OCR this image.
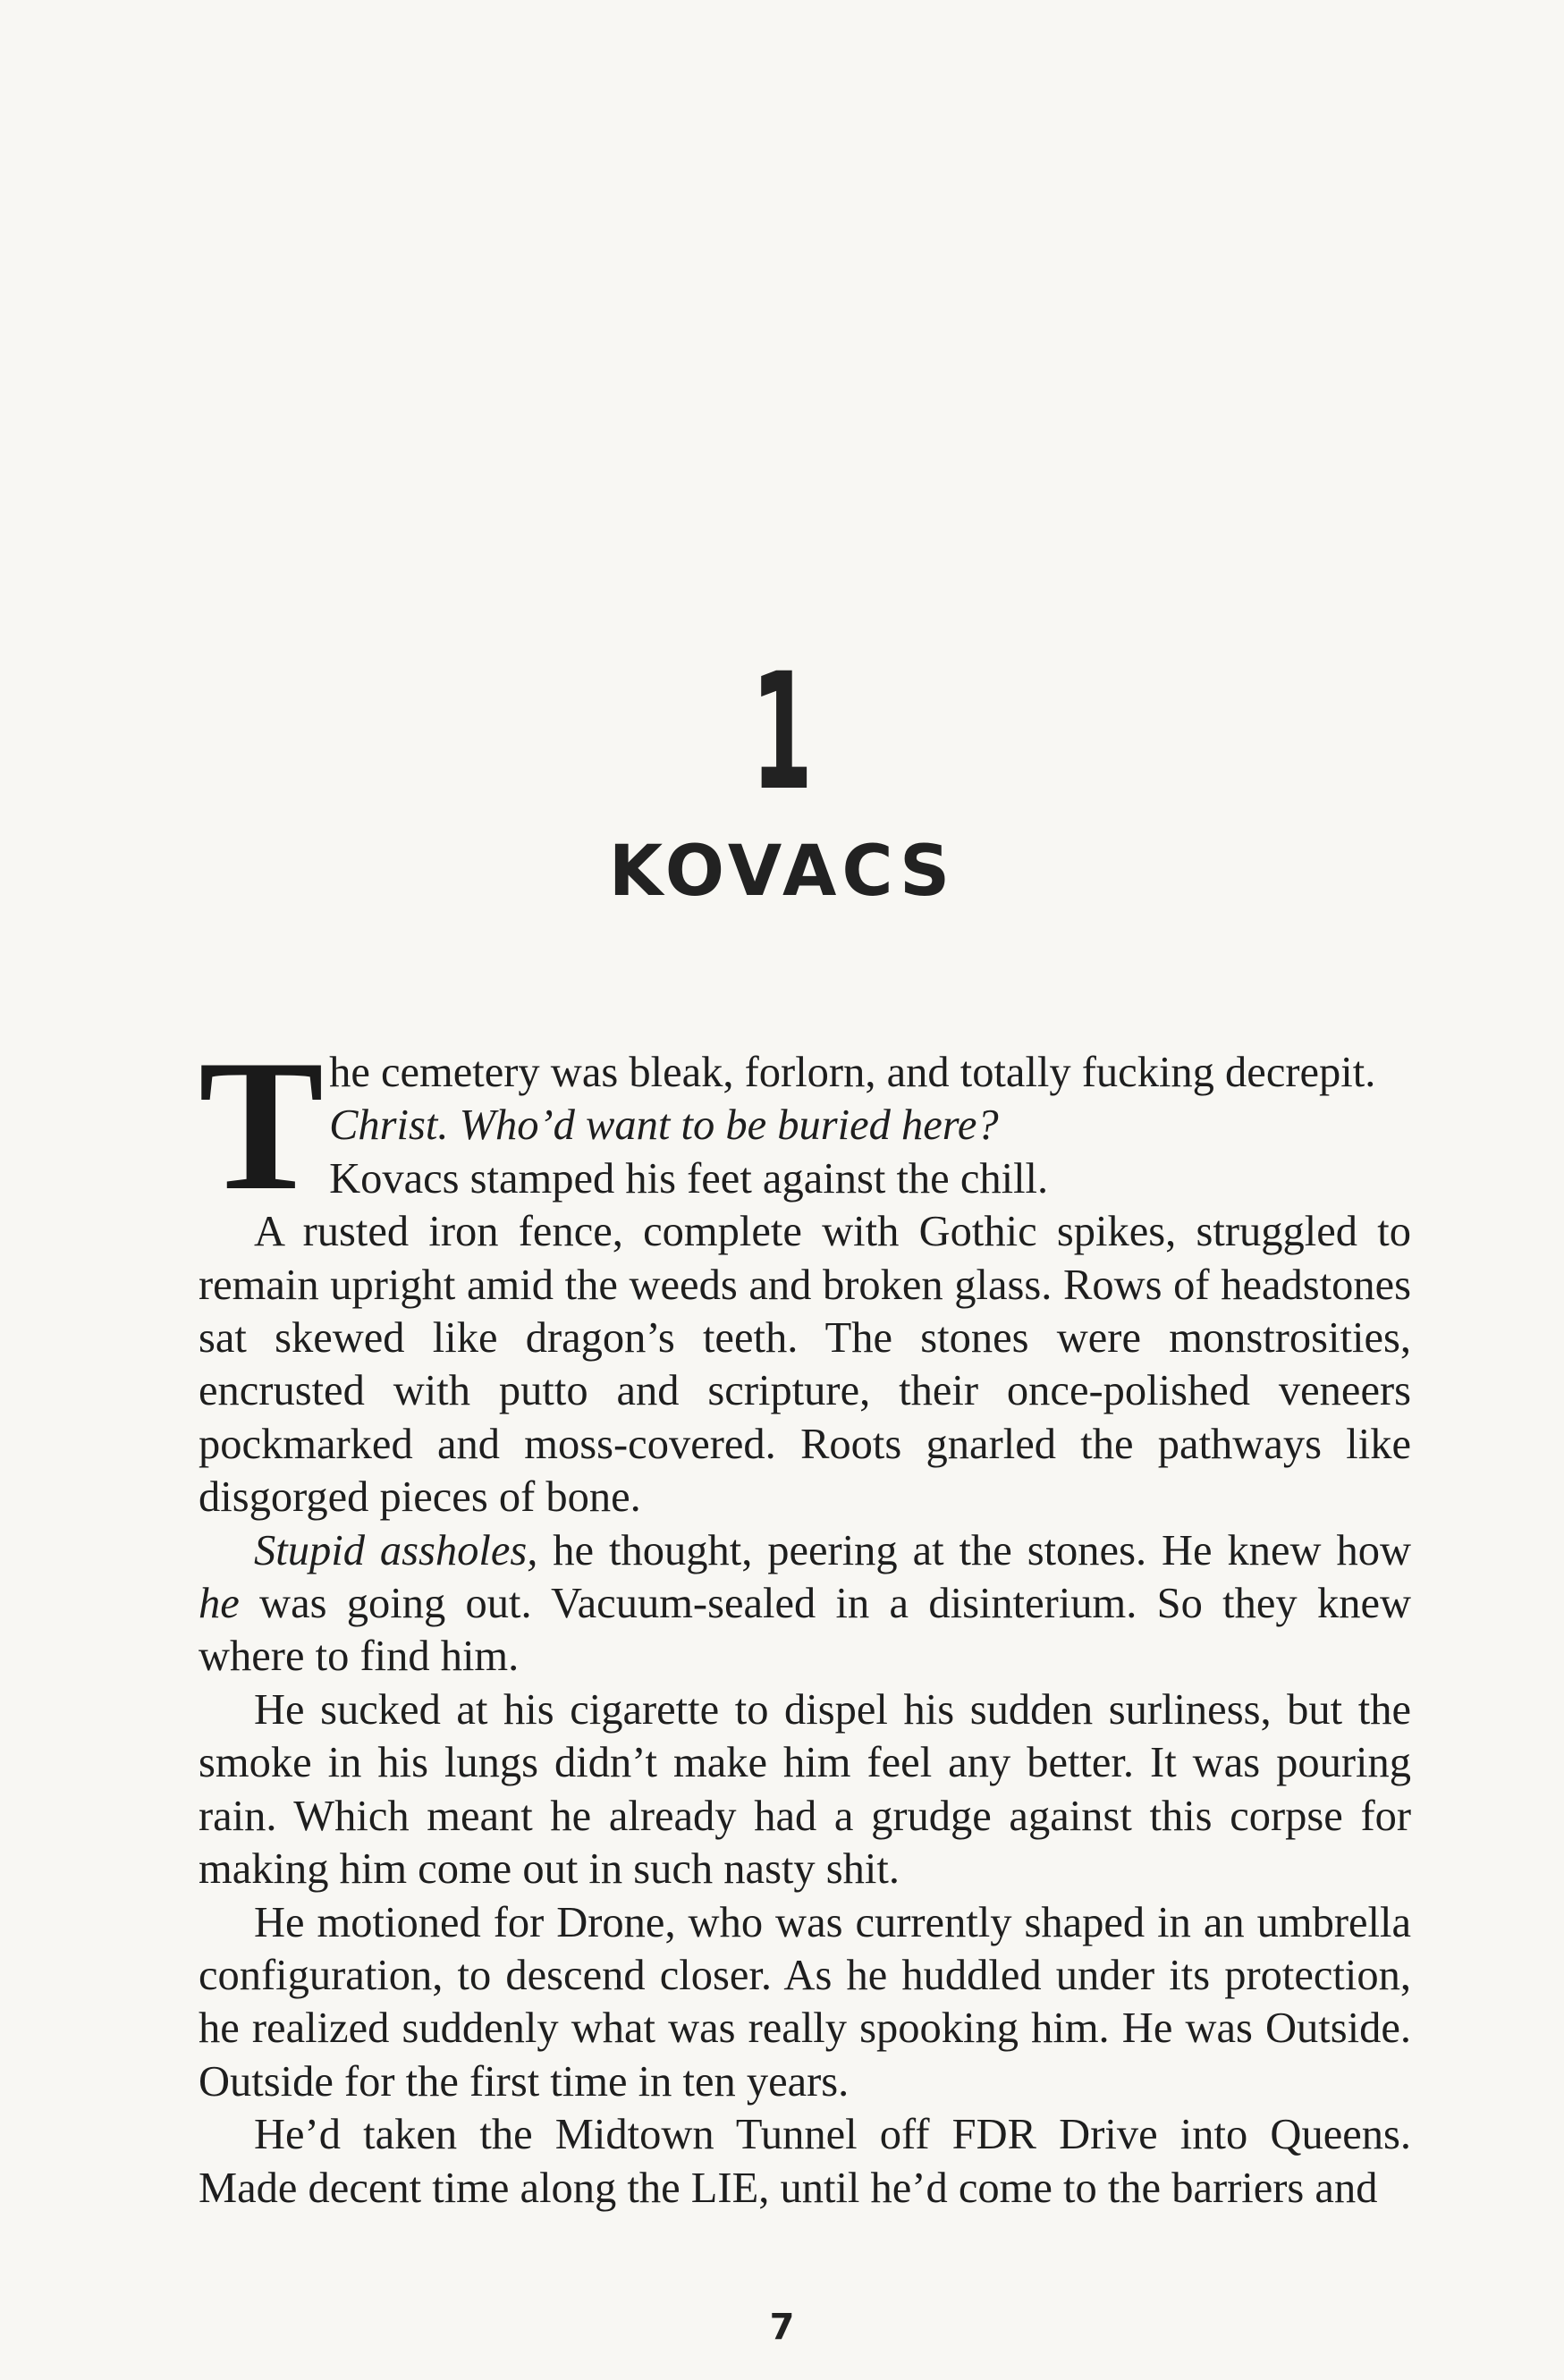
1
KOVACS
T he cemetery was bleak, forlorn, and totally fucking decrepit.
Christ. Who’d want to be buried here?
Kovacs stamped his feet against the chill.

A rusted iron fence, complete with Gothic spikes, struggled to remain upright amid the weeds and broken glass. Rows of headstones sat skewed like dragon’s teeth. The stones were monstrosities, encrusted with putto and scripture, their once-polished veneers pockmarked and moss-covered. Roots gnarled the pathways like disgorged pieces of bone.

Stupid assholes, he thought, peering at the stones. He knew how he was going out. Vacuum-sealed in a disinterium. So they knew where to find him.

He sucked at his cigarette to dispel his sudden surliness, but the smoke in his lungs didn’t make him feel any better. It was pouring rain. Which meant he already had a grudge against this corpse for making him come out in such nasty shit.

He motioned for Drone, who was currently shaped in an umbrella configuration, to descend closer. As he huddled under its protection, he realized suddenly what was really spooking him. He was Outside. Outside for the first time in ten years.

He’d taken the Midtown Tunnel off FDR Drive into Queens. Made decent time along the LIE, until he’d come to the barriers and

7
